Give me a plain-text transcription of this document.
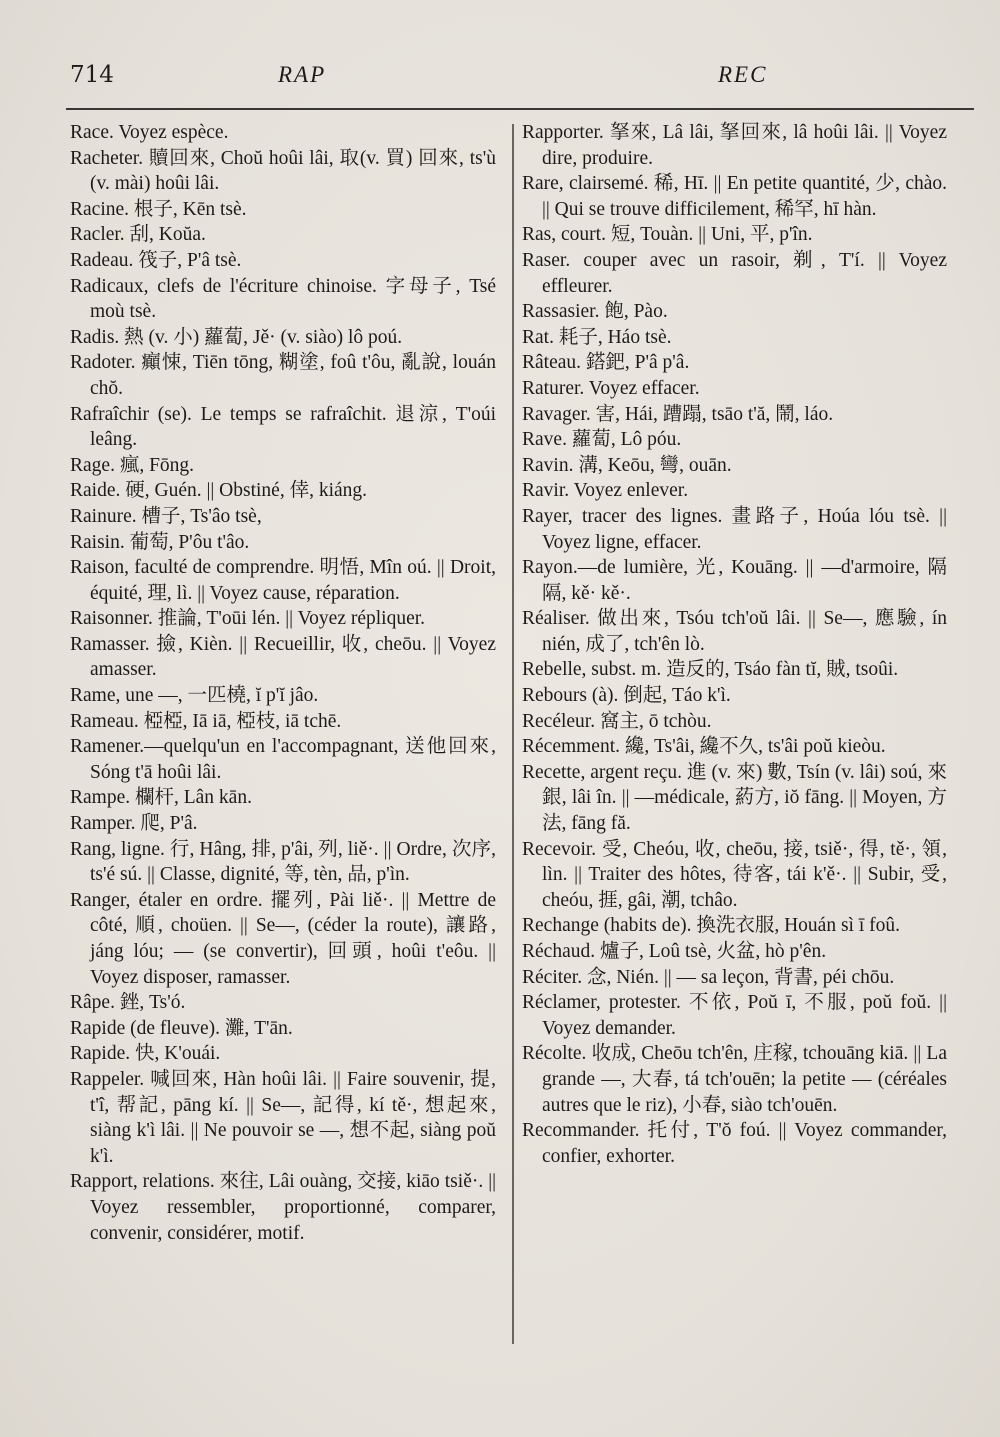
714	RAP	REC

Race. Voyez espèce.

Racheter. 贖回來, Choŭ hoûi lâi, 取(v. 買) 回來, ts'ù (v. mài) hoûi lâi.

Racine. 根子, Kēn tsè.

Racler. 刮, Koŭa.

Radeau. 筏子, P'â tsè.

Radicaux, clefs de l'écriture chinoise. 字母子, Tsé moù tsè.

Radis. 熱 (v. 小) 蘿蔔, Jě· (v. siào) lô poú.

Radoter. 癲悚, Tiēn tōng, 糊塗, foû t'ôu, 亂說, louán chŏ.

Rafraîchir (se). Le temps se rafraîchit. 退涼, T'oúi leâng.

Rage. 瘋, Fōng.

Raide. 硬, Guén. || Obstiné, 倖, kiáng.

Rainure. 槽子, Ts'âo tsè,

Raisin. 葡萄, P'ôu t'âo.

Raison, faculté de comprendre. 明悟, Mîn oú. || Droit, équité, 理, lì. || Voyez cause, réparation.

Raisonner. 推論, T'oūi lén. || Voyez répliquer.

Ramasser. 撿, Kièn. || Recueillir, 收, cheōu. || Voyez amasser.

Rame, une —, 一匹橈, ĭ p'ĭ jâo.

Rameau. 椏椏, Iā iā, 椏枝, iā tchē.

Ramener.—quelqu'un en l'accompagnant, 送他回來, Sóng t'ā hoûi lâi.

Rampe. 欄杆, Lân kān.

Ramper. 爬, P'â.

Rang, ligne. 行, Hâng, 排, p'âi, 列, liě·. || Ordre, 次序, ts'é sú. || Classe, dignité, 等, tèn, 品, p'ìn.

Ranger, étaler en ordre. 擺列, Pài liě·. || Mettre de côté, 順, choüen. || Se—, (céder la route), 讓路, jáng lóu; — (se convertir), 回頭, hoûi t'eôu. || Voyez disposer, ramasser.

Râpe. 銼, Ts'ó.

Rapide (de fleuve). 灘, T'ān.

Rapide. 快, K'ouái.

Rappeler. 喊回來, Hàn hoûi lâi. || Faire souvenir, 提, t'î, 帮記, pāng kí. || Se—, 記得, kí tě·, 想起來, siàng k'ì lâi. || Ne pouvoir se —, 想不起, siàng poŭ k'ì.

Rapport, relations. 來往, Lâi ouàng, 交接, kiāo tsiě·. || Voyez ressembler, proportionné, comparer, convenir, considérer, motif.

Rapporter. 拏來, Lâ lâi, 拏回來, lâ hoûi lâi. || Voyez dire, produire.

Rare, clairsemé. 稀, Hī. || En petite quantité, 少, chào. || Qui se trouve difficilement, 稀罕, hī hàn.

Ras, court. 短, Touàn. || Uni, 平, p'în.

Raser. couper avec un rasoir, 剃, T'í. || Voyez effleurer.

Rassasier. 飽, Pào.

Rat. 耗子, Háo tsè.

Râteau. 鎝鈀, P'â p'â.

Raturer. Voyez effacer.

Ravager. 害, Hái, 蹧蹋, tsāo t'ă, 鬧, láo.

Rave. 蘿蔔, Lô póu.

Ravin. 溝, Keōu, 彎, ouān.

Ravir. Voyez enlever.

Rayer, tracer des lignes. 畫路子, Hoúa lóu tsè. || Voyez ligne, effacer.

Rayon.—de lumière, 光, Kouāng. || —d'armoire, 隔隔, kě· kě·.

Réaliser. 做出來, Tsóu tch'oŭ lâi. || Se—, 應驗, ín nién, 成了, tch'ên lò.

Rebelle, subst. m. 造反的, Tsáo fàn tĭ, 賊, tsoûi.

Rebours (à). 倒起, Táo k'ì.

Recéleur. 窩主, ō tchòu.

Récemment. 纔, Ts'âi, 纔不久, ts'âi poŭ kieòu.

Recette, argent reçu. 進 (v. 來) 數, Tsín (v. lâi) soú, 來銀, lâi în. || —médicale, 葯方, iŏ fāng. || Moyen, 方法, fāng fă.

Recevoir. 受, Cheóu, 收, cheōu, 接, tsiě·, 得, tě·, 領, lìn. || Traiter des hôtes, 待客, tái k'ě·. || Subir, 受, cheóu, 捱, gâi, 潮, tchâo.

Rechange (habits de). 換洗衣服, Houán sì ī foû.

Réchaud. 爐子, Loû tsè, 火盆, hò p'ên.

Réciter. 念, Nién. || — sa leçon, 背書, péi chōu.

Réclamer, protester. 不依, Poŭ ī, 不服, poŭ foŭ. || Voyez demander.

Récolte. 收成, Cheōu tch'ên, 庄稼, tchouāng kiā. || La grande —, 大春, tá tch'ouēn; la petite — (céréales autres que le riz), 小春, siào tch'ouēn.

Recommander. 托付, T'ŏ foú. || Voyez commander, confier, exhorter.
